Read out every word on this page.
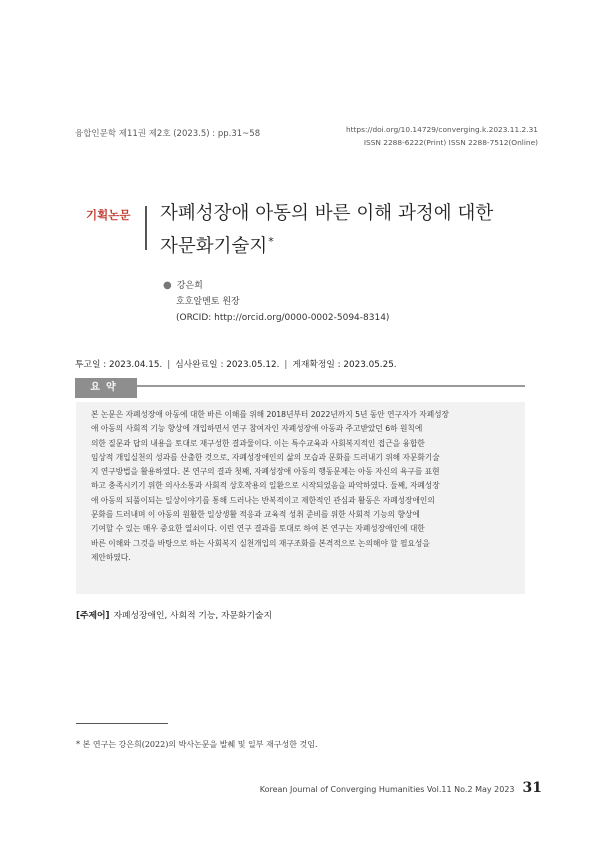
융합인문학 제11권 제2호 (2023.5) : pp.31~58	https://doi.org/10.14729/converging.k.2023.11.2.31
ISSN 2288-6222(Print) ISSN 2288-7512(Online)
기획논문 자폐성장애 아동의 바른 이해 과정에 대한
자문화기술지*
● 강은희
호호알멘토 원장
(ORCID: http://orcid.org/0000-0002-5094-8314)
투고일 : 2023.04.15. | 심사완료일 : 2023.05.12. | 게재확정일 : 2023.05.25.
요약
본 논문은 자폐성장애 아동에 대한 바른 이해를 위해 2018년부터 2022년까지 5년 동안 연구자가 자폐성장
애 아동의 사회적 기능 향상에 개입하면서 연구 참여자인 자폐성장애 아동과 주고받았던 6하 원칙에
의한 질문과 답의 내용을 토대로 재구성한 결과물이다. 이는 특수교육과 사회복지적인 접근을 융합한
임상적 개입실천의 성과를 산출한 것으로, 자폐성장애인의 삶의 모습과 문화를 드러내기 위해 자문화기술
지 연구방법을 활용하였다. 본 연구의 결과 첫째, 자폐성장애 아동의 행동문제는 아동 자신의 욕구를 표현
하고 충족시키기 위한 의사소통과 사회적 상호작용의 일환으로 시작되었음을 파악하였다. 둘째, 자폐성장
애 아동의 되풀이되는 일상이야기를 통해 드러나는 반복적이고 제한적인 관심과 활동은 자폐성장애인의
문화를 드러내며 이 아동의 원활한 일상생활 적응과 교육적 성취 준비를 위한 사회적 기능의 향상에
기여할 수 있는 매우 중요한 열쇠이다. 이런 연구 결과를 토대로 하여 본 연구는 자폐성장애인에 대한
바른 이해와 그것을 바탕으로 하는 사회복지 실천개입의 재구조화를 본격적으로 논의해야 할 필요성을
제안하였다.
[주제어] 자폐성장애인, 사회적 기능, 자문화기술지
* 본 연구는 강은희(2022)의 박사논문을 발췌 및 일부 재구성한 것임.
Korean Journal of Converging Humanities Vol.11 No.2 May 2023 31
